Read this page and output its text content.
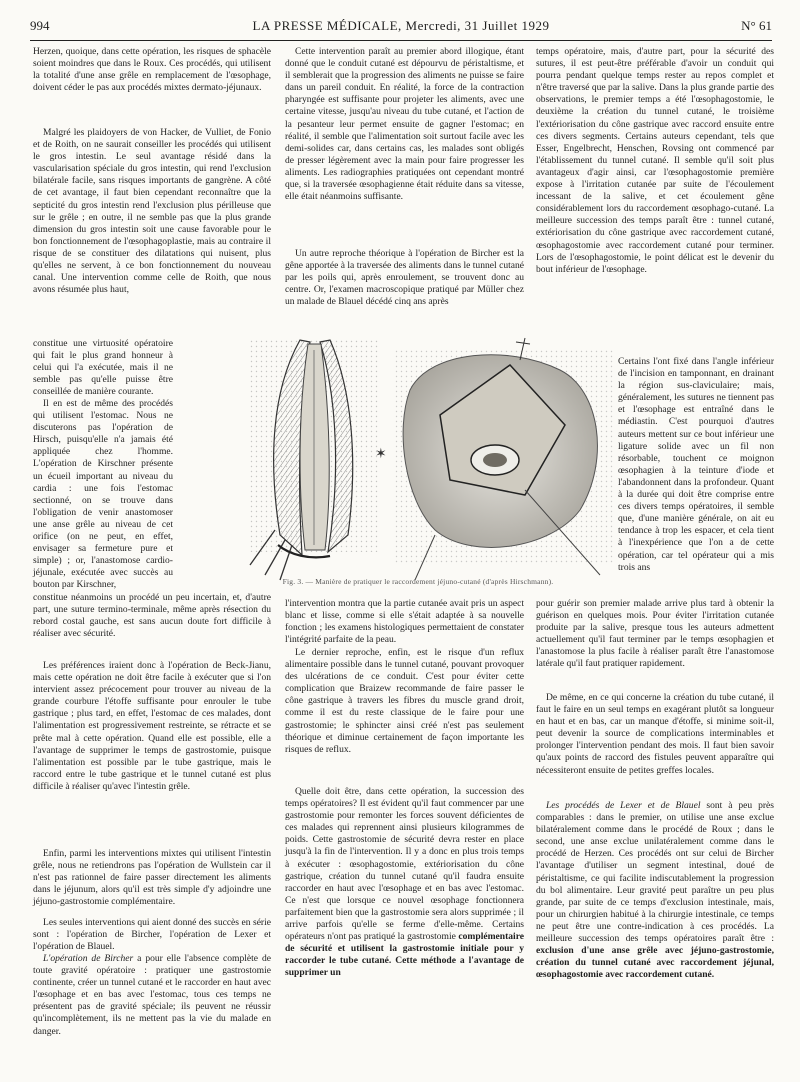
994	LA PRESSE MÉDICALE, Mercredi, 31 Juillet 1929	N° 61

Herzen, quoique, dans cette opération, les risques de sphacèle soient moindres que dans le Roux. Ces procédés, qui utilisent la totalité d'une anse grêle en remplacement de l'œsophage, doivent céder le pas aux procédés mixtes dermato-jéjunaux.

Malgré les plaidoyers de von Hacker, de Vulliet, de Fonio et de Roith, on ne saurait conseiller les procédés qui utilisent le gros intestin. Le seul avantage résidé dans la vascularisation spéciale du gros intestin, qui rend l'exclusion bilatérale facile, sans risques importants de gangrène. A côté de cet avantage, il faut bien cependant reconnaître que la septicité du gros intestin rend l'exclusion plus périlleuse que sur le grêle ; en outre, il ne semble pas que la plus grande dimension du gros intestin soit une cause favorable pour le bon fonctionnement de l'œsophagoplastie, mais au contraire il risque de se constituer des dilatations qui nuisent, plus qu'elles ne servent, à ce bon fonctionnement du nouveau canal. Une intervention comme celle de Roith, que nous avons résumée plus haut,

constitue une virtuosité opératoire qui fait le plus grand honneur à celui qui l'a exécutée, mais il ne semble pas qu'elle puisse être conseillée de manière courante.

Il en est de même des procédés qui utilisent l'estomac. Nous ne discuterons pas l'opération de Hirsch, puisqu'elle n'a jamais été appliquée chez l'homme. L'opération de Kirschner présente un écueil important au niveau du cardia : une fois l'estomac sectionné, on se trouve dans l'obligation de venir anastomoser une anse grêle au niveau de cet orifice (on ne peut, en effet, envisager sa fermeture pure et simple) ; or, l'anastomose cardio-jéjunale, exécutée avec succès au bouton par Kirschner,

constitue néanmoins un procédé un peu incertain, et, d'autre part, une suture termino-terminale, même après résection du rebord costal gauche, est sans aucun doute fort difficile à réaliser avec sécurité.

Les préférences iraient donc à l'opération de Beck-Jianu, mais cette opération ne doit être facile à exécuter que si l'on intervient assez précocement pour trouver au niveau de la grande courbure l'étoffe suffisante pour enrouler le tube gastrique ; plus tard, en effet, l'estomac de ces malades, dont l'alimentation est progressivement restreinte, se rétracte et se prête mal à cette opération. Quand elle est possible, elle a l'avantage de supprimer le temps de gastrostomie, puisque l'alimentation est possible par le tube gastrique, mais le raccord entre le tube gastrique et le tunnel cutané est plus difficile à réaliser qu'avec l'intestin grêle.

Enfin, parmi les interventions mixtes qui utilisent l'intestin grêle, nous ne retiendrons pas l'opération de Wullstein car il n'est pas rationnel de faire passer directement les aliments dans le jéjunum, alors qu'il est très simple d'y adjoindre une jéjuno-gastrostomie complémentaire.

Les seules interventions qui aient donné des succès en série sont : l'opération de Bircher, l'opération de Lexer et l'opération de Blauel.

L'opération de Bircher a pour elle l'absence complète de toute gravité opératoire : pratiquer une gastrostomie continente, créer un tunnel cutané et le raccorder en haut avec l'œsophage et en bas avec l'estomac, tous ces temps ne présentent pas de gravité spéciale; ils peuvent ne réussir qu'incomplètement, ils ne mettent pas la vie du malade en danger.

Cette intervention paraît au premier abord illogique, étant donné que le conduit cutané est dépourvu de péristaltisme, et il semblerait que la progression des aliments ne puisse se faire dans un pareil conduit. En réalité, la force de la contraction pharyngée est suffisante pour projeter les aliments, avec une certaine vitesse, jusqu'au niveau du tube cutané, et l'action de la pesanteur leur permet ensuite de gagner l'estomac; en réalité, il semble que l'alimentation soit surtout facile avec les demi-solides car, dans certains cas, les malades sont obligés de presser légèrement avec la main pour faire progresser les aliments. Les radiographies pratiquées ont cependant montré que, si la traversée œsophagienne était réduite dans sa vitesse, elle était néanmoins suffisante.

Un autre reproche théorique à l'opération de Bircher est la gêne apportée à la traversée des aliments dans le tunnel cutané par les poils qui, après enroulement, se trouvent donc au centre. Or, l'examen macroscopique pratiqué par Müller chez un malade de Blauel décédé cinq ans après

l'intervention montra que la partie cutanée avait pris un aspect blanc et lisse, comme si elle s'était adaptée à sa nouvelle fonction ; les examens histologiques permettaient de constater l'intégrité parfaite de la peau.

Le dernier reproche, enfin, est le risque d'un reflux alimentaire possible dans le tunnel cutané, pouvant provoquer des ulcérations de ce conduit. C'est pour éviter cette complication que Braizew recommande de faire passer le cône gastrique à travers les fibres du muscle grand droit, comme il est du reste classique de le faire pour une gastrostomie; le sphincter ainsi créé n'est pas seulement théorique et diminue certainement de façon importante les risques de reflux.

Quelle doit être, dans cette opération, la succession des temps opératoires? Il est évident qu'il faut commencer par une gastrostomie pour remonter les forces souvent déficientes de ces malades qui reprennent ainsi plusieurs kilogrammes de poids. Cette gastrostomie de sécurité devra rester en place jusqu'à la fin de l'intervention. Il y a donc en plus trois temps à exécuter : œsophagostomie, extériorisation du cône gastrique, création du tunnel cutané qu'il faudra ensuite raccorder en haut avec l'œsophage et en bas avec l'estomac. Ce n'est que lorsque ce nouvel œsophage fonctionnera parfaitement bien que la gastrostomie sera alors supprimée ; il arrive parfois qu'elle se ferme d'elle-même. Certains opérateurs n'ont pas pratiqué la gastrostomie complémentaire de sécurité et utilisent la gastrostomie initiale pour y raccorder le tube cutané. Cette méthode a l'avantage de supprimer un

temps opératoire, mais, d'autre part, pour la sécurité des sutures, il est peut-être préférable d'avoir un conduit qui pourra pendant quelque temps rester au repos complet et n'être traversé que par la salive. Dans la plus grande partie des observations, le premier temps a été l'œsophagostomie, le deuxième la création du tunnel cutané, le troisième l'extériorisation du cône gastrique avec raccord ensuite entre ces divers segments. Certains auteurs cependant, tels que Esser, Engelbrecht, Henschen, Rovsing ont commencé par l'établissement du tunnel cutané. Il semble qu'il soit plus avantageux d'agir ainsi, car l'œsophagostomie première expose à l'irritation cutanée par suite de l'écoulement incessant de la salive, et cet écoulement gêne considérablement lors du raccordement œsophago-cutané. La meilleure succession des temps paraît être : tunnel cutané, extériorisation du cône gastrique avec raccordement cutané, œsophagostomie avec raccordement cutané pour terminer. Lors de l'œsophagostomie, le point délicat est le devenir du bout inférieur de l'œsophage.

Certains l'ont fixé dans l'angle inférieur de l'incision en tamponnant, en drainant la région sus-claviculaire; mais, généralement, les sutures ne tiennent pas et l'œsophage est entraîné dans le médiastin. C'est pourquoi d'autres auteurs mettent sur ce bout inférieur une ligature solide avec un fil non résorbable, touchent ce moignon œsophagien à la teinture d'iode et l'abandonnent dans la profondeur. Quant à la durée qui doit être comprise entre ces divers temps opératoires, il semble que, d'une manière générale, on ait eu tendance à trop les espacer, et cela tient à l'inexpérience que l'on a de cette opération, car tel opérateur qui a mis trois ans

pour guérir son premier malade arrive plus tard à obtenir la guérison en quelques mois. Pour éviter l'irritation cutanée produite par la salive, presque tous les auteurs admettent actuellement qu'il faut terminer par le temps œsophagien et l'anastomose la plus facile à réaliser paraît être l'anastomose latérale qu'il faut pratiquer rapidement.

De même, en ce qui concerne la création du tube cutané, il faut le faire en un seul temps en exagérant plutôt sa longueur en haut et en bas, car un manque d'étoffe, si minime soit-il, peut devenir la source de complications interminables et prolonger l'intervention pendant des mois. Il faut bien savoir qu'aux points de raccord des fistules peuvent apparaître qui nécessiteront ensuite de petites greffes locales.

Les procédés de Lexer et de Blauel sont à peu près comparables : dans le premier, on utilise une anse exclue bilatéralement comme dans le procédé de Roux ; dans le second, une anse exclue unilatéralement comme dans le procédé de Herzen. Ces procédés ont sur celui de Bircher l'avantage d'utiliser un segment intestinal, doué de péristaltisme, ce qui facilite indiscutablement la progression du bol alimentaire. Leur gravité peut paraître un peu plus grande, par suite de ce temps d'exclusion intestinale, mais, pour un chirurgien habitué à la chirurgie intestinale, ce temps ne peut être une contre-indication à ces procédés. La meilleure succession des temps opératoires paraît être : exclusion d'une anse grêle avec jéjuno-gastrostomie, création du tunnel cutané avec raccordement jéjunal, œsophagostomie avec raccordement cutané.

✶
Fig. 3. — Manière de pratiquer le raccordement jéjuno-cutané (d'après Hirschmann).
